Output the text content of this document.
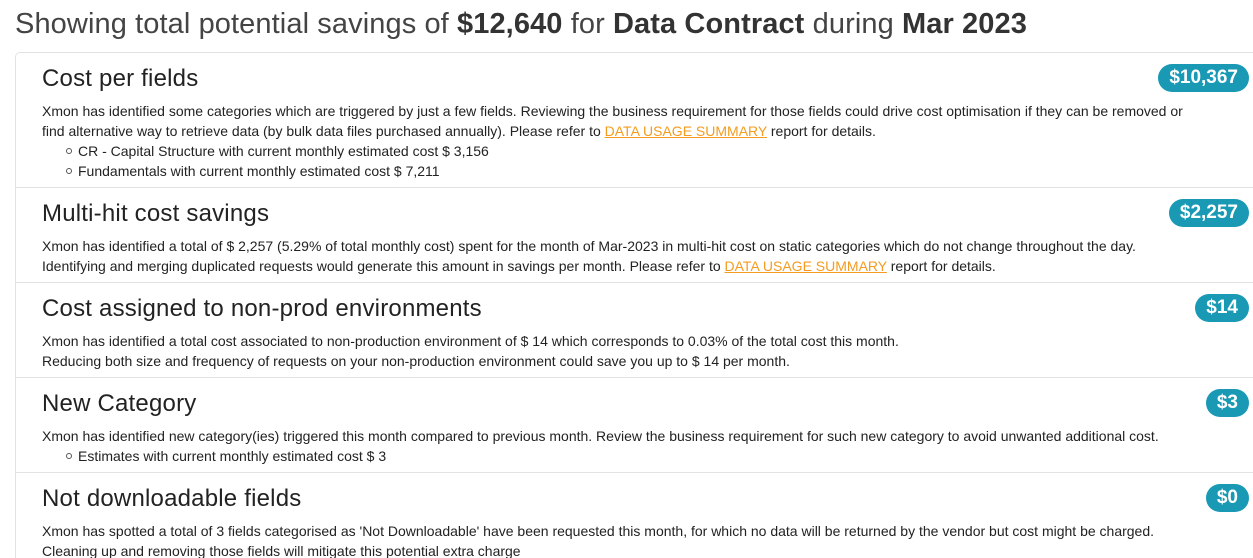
Showing total potential savings of $12,640 for Data Contract during Mar 2023
Cost per fields	$10,367
Xmon has identified some categories which are triggered by just a few fields. Reviewing the business requirement for those fields could drive cost optimisation if they can be removed or find alternative way to retrieve data (by bulk data files purchased annually). Please refer to DATA USAGE SUMMARY report for details.
CR - Capital Structure with current monthly estimated cost $ 3,156
Fundamentals with current monthly estimated cost $ 7,211
Multi-hit cost savings	$2,257
Xmon has identified a total of $ 2,257 (5.29% of total monthly cost) spent for the month of Mar-2023 in multi-hit cost on static categories which do not change throughout the day.
Identifying and merging duplicated requests would generate this amount in savings per month. Please refer to DATA USAGE SUMMARY report for details.
Cost assigned to non-prod environments	$14
Xmon has identified a total cost associated to non-production environment of $ 14 which corresponds to 0.03% of the total cost this month.
Reducing both size and frequency of requests on your non-production environment could save you up to $ 14 per month.
New Category	$3
Xmon has identified new category(ies) triggered this month compared to previous month. Review the business requirement for such new category to avoid unwanted additional cost.
Estimates with current monthly estimated cost $ 3
Not downloadable fields	$0
Xmon has spotted a total of 3 fields categorised as 'Not Downloadable' have been requested this month, for which no data will be returned by the vendor but cost might be charged. Cleaning up and removing those fields will mitigate this potential extra charge
